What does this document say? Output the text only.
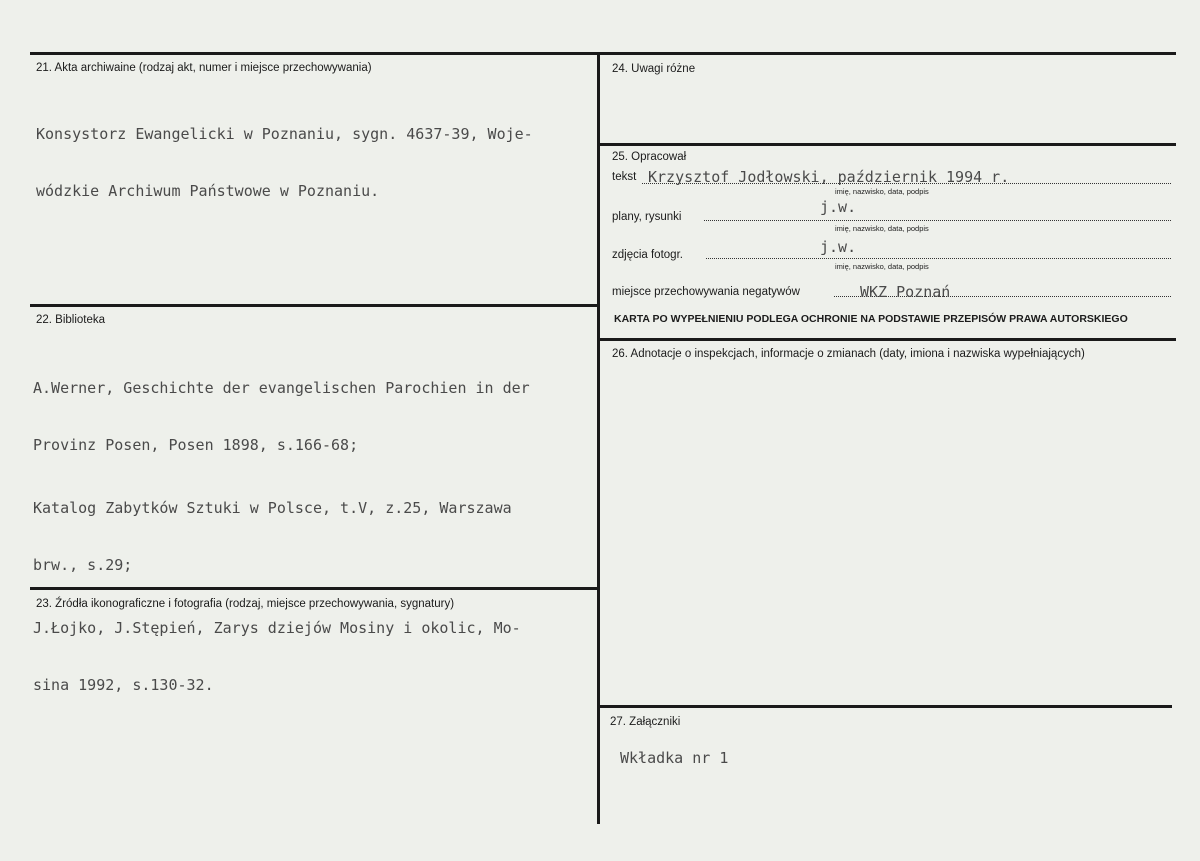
21. Akta archiwaine (rodzaj akt, numer i miejsce przechowywania)

Konsystorz Ewangelicki w Poznaniu, sygn. 4637-39, Woje-

wódzkie Archiwum Państwowe w Poznaniu.

22. Biblioteka

A.Werner, Geschichte der evangelischen Parochien in der

Provinz Posen, Posen 1898, s.166-68;

Katalog Zabytków Sztuki w Polsce, t.V, z.25, Warszawa

brw., s.29;

J.Łojko, J.Stępień, Zarys dziejów Mosiny i okolic, Mo-

sina 1992, s.130-32.

23. Źródła ikonograficzne i fotografia (rodzaj, miejsce przechowywania, sygnatury)
24. Uwagi różne
25. Opracował
tekst Krzysztof Jodłowski, październik 1994 r.
imię, nazwisko, data, podpis
plany, rysunki
j.w.
imię, nazwisko, data, podpis
zdjęcia fotogr.	j.w.
imię, nazwisko, data, podpis
miejsce przechowywania negatywów	WKZ Poznań
KARTA PO WYPEŁNIENIU PODLEGA OCHRONIE NA PODSTAWIE PRZEPISÓW PRAWA AUTORSKIEGO
26. Adnotacje o inspekcjach, informacje o zmianach (daty, imiona i nazwiska wypełniających)
27. Załączniki
Wkładka nr 1
